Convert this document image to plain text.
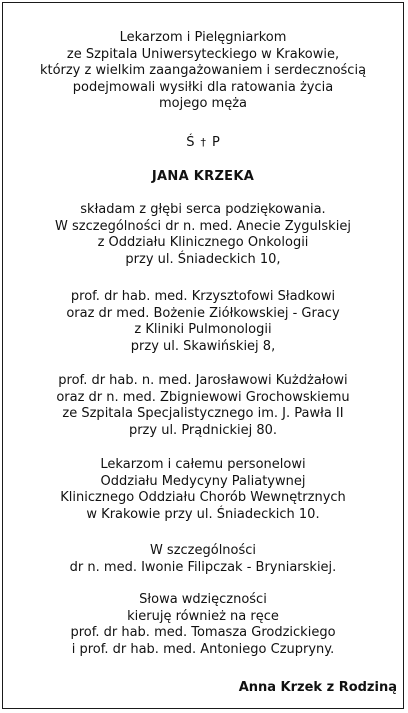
Lekarzom i Pielęgniarkom
ze Szpitala Uniwersyteckiego w Krakowie,
którzy z wielkim zaangażowaniem i serdecznością
podejmowali wysiłki dla ratowania życia
mojego męża
Ś † P
JANA KRZEKA
składam z głębi serca podziękowania.
W szczególności dr n. med. Anecie Zygulskiej
z Oddziału Klinicznego Onkologii
przy ul. Śniadeckich 10,
prof. dr hab. med. Krzysztofowi Sładkowi
oraz dr med. Bożenie Ziółkowskiej - Gracy
z Kliniki Pulmonologii
przy ul. Skawińskiej 8,
prof. dr hab. n. med. Jarosławowi Kużdżałowi
oraz dr n. med. Zbigniewowi Grochowskiemu
ze Szpitala Specjalistycznego im. J. Pawła II
przy ul. Prądnickiej 80.
Lekarzom i całemu personelowi
Oddziału Medycyny Paliatywnej
Klinicznego Oddziału Chorób Wewnętrznych
w Krakowie przy ul. Śniadeckich 10.
W szczególności
dr n. med. Iwonie Filipczak - Bryniarskiej.
Słowa wdzięczności
kieruję również na ręce
prof. dr hab. med. Tomasza Grodzickiego
i prof. dr hab. med. Antoniego Czupryny.
Anna Krzek z Rodziną
